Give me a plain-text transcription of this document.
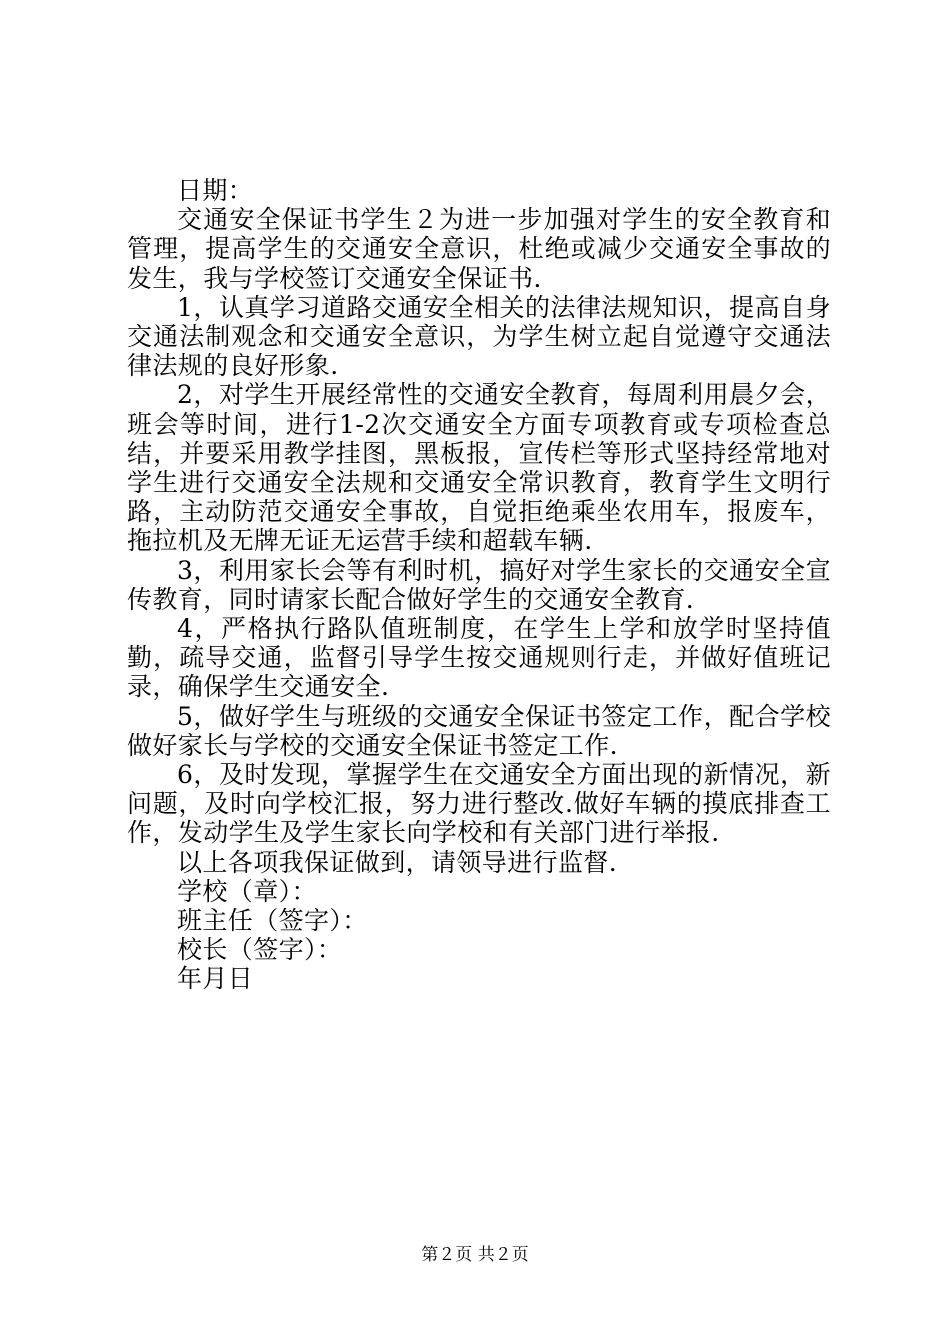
日期：

交通安全保证书学生２为进一步加强对学生的安全教育和管理，提高学生的交通安全意识，杜绝或减少交通安全事故的发生，我与学校签订交通安全保证书.

1，认真学习道路交通安全相关的法律法规知识，提高自身交通法制观念和交通安全意识，为学生树立起自觉遵守交通法律法规的良好形象.

2，对学生开展经常性的交通安全教育，每周利用晨夕会，班会等时间，进行1-2次交通安全方面专项教育或专项检查总结，并要采用教学挂图，黑板报，宣传栏等形式坚持经常地对学生进行交通安全法规和交通安全常识教育，教育学生文明行路，主动防范交通安全事故，自觉拒绝乘坐农用车，报废车，拖拉机及无牌无证无运营手续和超载车辆.

3，利用家长会等有利时机，搞好对学生家长的交通安全宣传教育，同时请家长配合做好学生的交通安全教育.

4，严格执行路队值班制度，在学生上学和放学时坚持值勤，疏导交通，监督引导学生按交通规则行走，并做好值班记录，确保学生交通安全.

5，做好学生与班级的交通安全保证书签定工作，配合学校做好家长与学校的交通安全保证书签定工作.

6，及时发现，掌握学生在交通安全方面出现的新情况，新问题，及时向学校汇报，努力进行整改.做好车辆的摸底排查工作，发动学生及学生家长向学校和有关部门进行举报.

以上各项我保证做到，请领导进行监督.

学校（章）：

班主任（签字）：

校长（签字）：

年月日

第２页 共２页
